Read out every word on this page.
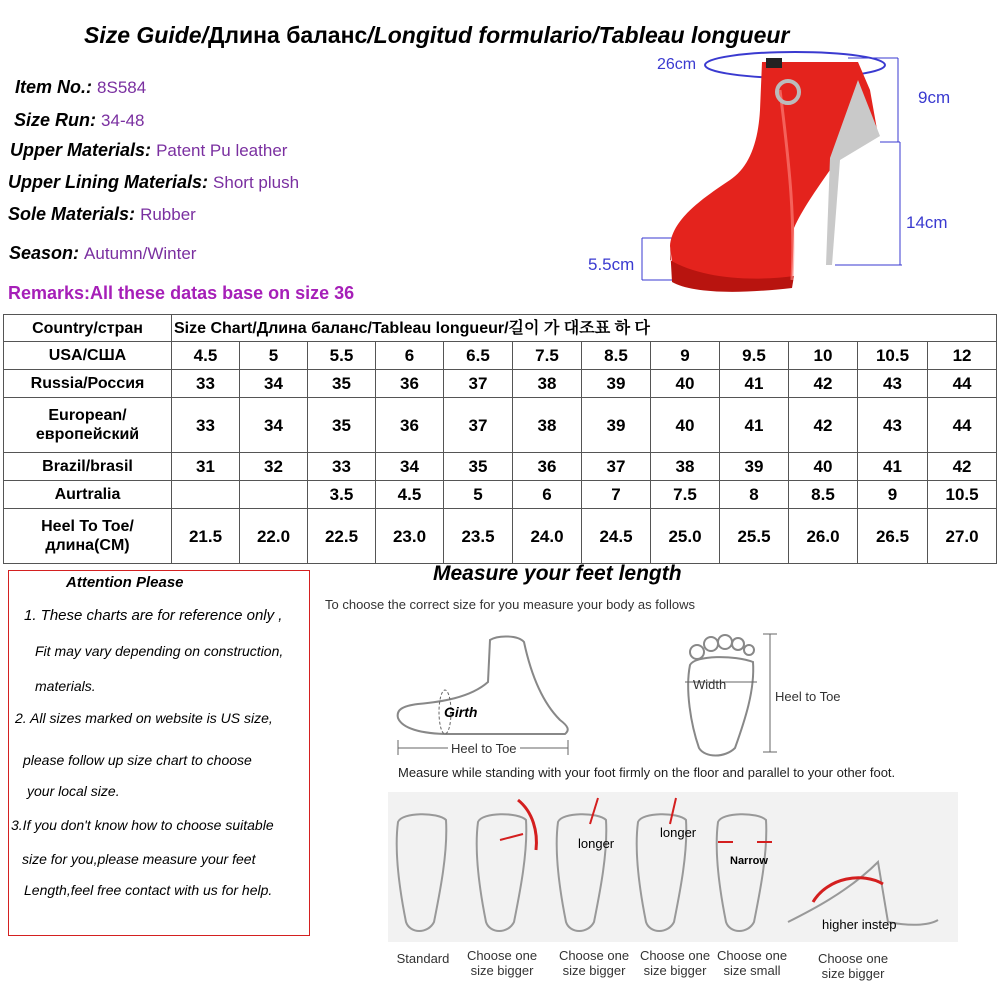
Size Guide/Длина баланс/Longitud formulario/Tableau longueur
Item No.: 8S584
Size Run: 34-48
Upper Materials: Patent Pu leather
Upper Lining Materials: Short plush
Sole Materials: Rubber
Season: Autumn/Winter
Remarks:All these datas base on size 36
26cm
9cm
14cm
5.5cm
Country/стран	Size Chart/Длина баланс/Tableau longueur/길이 가 대조표 하 다											
USA/США	4.5	5	5.5	6	6.5	7.5	8.5	9	9.5	10	10.5	12
Russia/Россия	33	34	35	36	37	38	39	40	41	42	43	44
European/европейский	33	34	35	36	37	38	39	40	41	42	43	44
Brazil/brasil	31	32	33	34	35	36	37	38	39	40	41	42
Aurtralia			3.5	4.5	5	6	7	7.5	8	8.5	9	10.5
Heel To Toe/длина(CM)	21.5	22.0	22.5	23.0	23.5	24.0	24.5	25.0	25.5	26.0	26.5	27.0
Attention Please
1. These charts are for reference only ,
Fit may vary depending on construction,
materials.
2. All sizes marked on website is US size,
please follow up size chart to choose
your local size.
3.If you don't know how to choose suitable
size for you,please measure your feet
Length,feel free contact with us for help.
Measure your feet length
To choose the correct size for you measure your body as follows
Girth
Heel to Toe
Width
Heel to Toe
Measure while standing with your foot firmly on the floor and parallel to your other foot.
longer
longer
Narrow
higher instep
Standard	Choose one size bigger
Choose one size bigger
Choose one size bigger
Choose one size small
Choose one size bigger
